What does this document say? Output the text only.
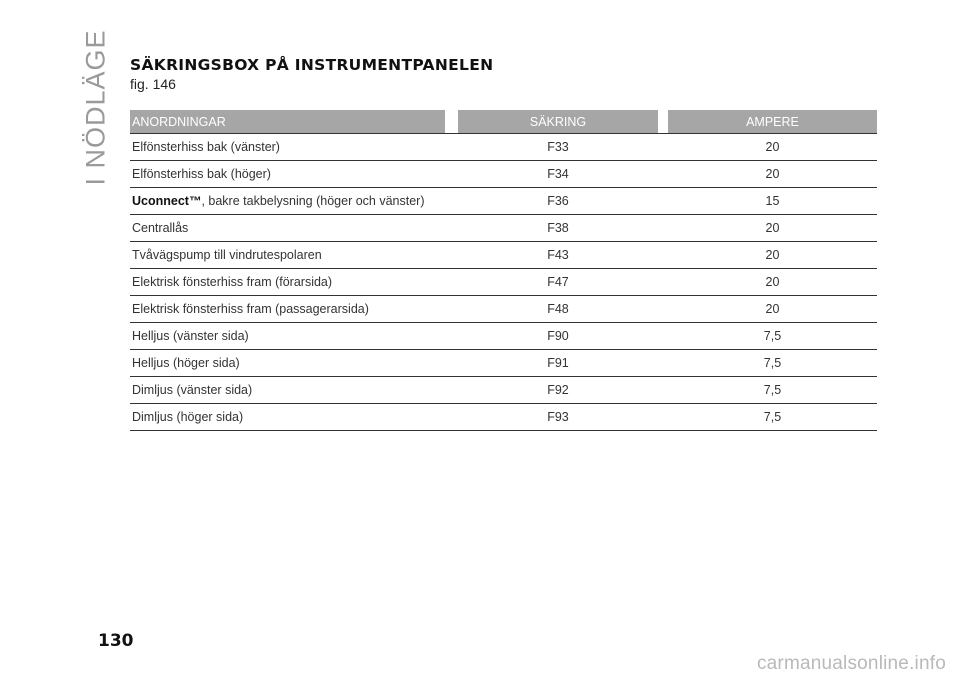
I NÖDLÄGE SÄKRINGSBOX PÅ INSTRUMENTPANELEN
fig. 146
ANORDNINGAR	SÄKRING	AMPERE
Elfönsterhiss bak (vänster)	F33	20
Elfönsterhiss bak (höger)	F34	20
Uconnect™, bakre takbelysning (höger och vänster)	F36	15
Centrallås	F38	20
Tvåvägspump till vindrutespolaren	F43	20
Elektrisk fönsterhiss fram (förarsida)	F47	20
Elektrisk fönsterhiss fram (passagerarsida)	F48	20
Helljus (vänster sida)	F90	7,5
Helljus (höger sida)	F91	7,5
Dimljus (vänster sida)	F92	7,5
Dimljus (höger sida)	F93	7,5
130
carmanualsonline.info
